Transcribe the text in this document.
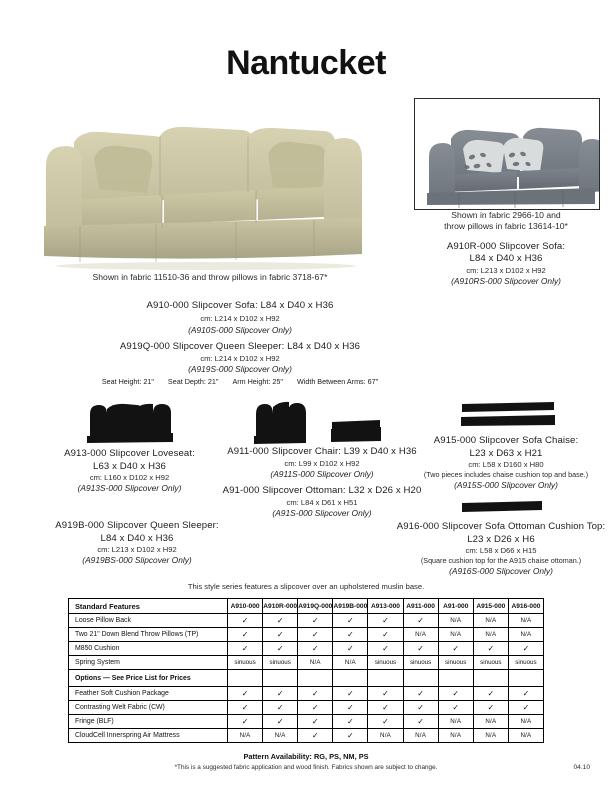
Nantucket
Shown in fabric 11510-36 and throw pillows in fabric 3718-67*
A910-000 Slipcover Sofa: L84 x D40 x H36
cm: L214 x D102 x H92
(A910S-000 Slipcover Only)
A919Q-000 Slipcover Queen Sleeper: L84 x D40 x H36
cm: L214 x D102 x H92
(A919S-000 Slipcover Only)
Seat Height: 21" Seat Depth: 21" Arm Height: 25" Width Between Arms: 67"
Shown in fabric 2966-10 and
throw pillows in fabric 13614-10*
A910R-000 Slipcover Sofa:
L84 x D40 x H36
cm: L213 x D102 x H92
(A910RS-000 Slipcover Only)
A913-000 Slipcover Loveseat:
L63 x D40 x H36
cm: L160 x D102 x H92
(A913S-000 Slipcover Only)
A911-000 Slipcover Chair: L39 x D40 x H36
cm: L99 x D102 x H92
(A911S-000 Slipcover Only)
A91-000 Slipcover Ottoman: L32 x D26 x H20
cm: L84 x D61 x H51
(A91S-000 Slipcover Only)
A915-000 Slipcover Sofa Chaise:
L23 x D63 x H21
cm: L58 x D160 x H80
(Two pieces includes chaise cushion top and base.)
(A915S-000 Slipcover Only)
A919B-000 Slipcover Queen Sleeper:
L84 x D40 x H36
cm: L213 x D102 x H92
(A919BS-000 Slipcover Only)
A916-000 Slipcover Sofa Ottoman Cushion Top:
L23 x D26 x H6
cm: L58 x D66 x H15
(Square cushion top for the A915 chaise ottoman.)
(A916S-000 Slipcover Only)
This style series features a slipcover over an upholstered muslin base.
Standard Features	A910-000	A910R-000	A919Q-000	A919B-000	A913-000	A911-000	A91-000	A915-000	A916-000
Loose Pillow Back	✓	✓	✓	✓	✓	✓	N/A	N/A	N/A
Two 21" Down Blend Throw Pillows (TP)	✓	✓	✓	✓	✓	N/A	N/A	N/A	N/A
M850 Cushion	✓	✓	✓	✓	✓	✓	✓	✓	✓
Spring System	sinuous	sinuous	N/A	N/A	sinuous	sinuous	sinuous	sinuous	sinuous
Options — See Price List for Prices									
Feather Soft Cushion Package	✓	✓	✓	✓	✓	✓	✓	✓	✓
Contrasting Welt Fabric (CW)	✓	✓	✓	✓	✓	✓	✓	✓	✓
Fringe (BLF)	✓	✓	✓	✓	✓	✓	N/A	N/A	N/A
CloudCell Innerspring Air Mattress	N/A	N/A	✓	✓	N/A	N/A	N/A	N/A	N/A
Pattern Availability: RG, PS, NM, PS
*This is a suggested fabric application and wood finish. Fabrics shown are subject to change.	04.10
